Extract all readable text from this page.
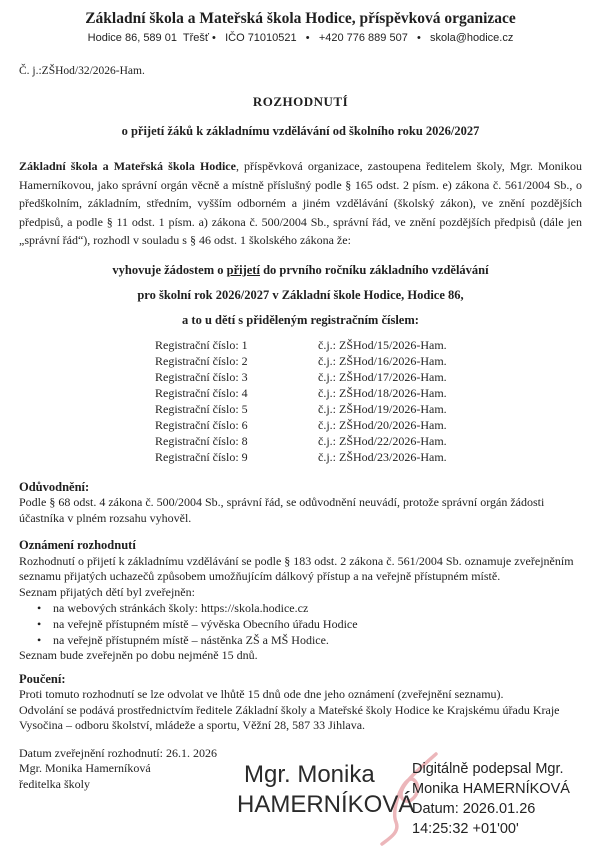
Základní škola a Mateřská škola Hodice, příspěvková organizace

Hodice 86, 589 01  Třešť •   IČO 71010521   •   +420 776 889 507   •   skola@hodice.cz

Č. j.:ZŠHod/32/2026-Ham.

ROZHODNUTÍ

o přijetí žáků k základnímu vzdělávání od školního roku 2026/2027

Základní škola a Mateřská škola Hodice, příspěvková organizace, zastoupena ředitelem školy, Mgr. Monikou Hamerníkovou, jako správní orgán věcně a místně příslušný podle § 165 odst. 2 písm. e) zákona č. 561/2004 Sb., o předškolním, základním, středním, vyšším odborném a jiném vzdělávání (školský zákon), ve znění pozdějších předpisů, a podle § 11 odst. 1 písm. a) zákona č. 500/2004 Sb., správní řád, ve znění pozdějších předpisů (dále jen „správní řád“), rozhodl v souladu s § 46 odst. 1 školského zákona že:

vyhovuje žádostem o přijetí do prvního ročníku základního vzdělávání

pro školní rok 2026/2027 v Základní škole Hodice, Hodice 86,

a to u dětí s přiděleným registračním číslem:

Registrační číslo: 1	č.j.: ZŠHod/15/2026-Ham.
Registrační číslo: 2	č.j.: ZŠHod/16/2026-Ham.
Registrační číslo: 3	č.j.: ZŠHod/17/2026-Ham.
Registrační číslo: 4	č.j.: ZŠHod/18/2026-Ham.
Registrační číslo: 5	č.j.: ZŠHod/19/2026-Ham.
Registrační číslo: 6	č.j.: ZŠHod/20/2026-Ham.
Registrační číslo: 8	č.j.: ZŠHod/22/2026-Ham.
Registrační číslo: 9	č.j.: ZŠHod/23/2026-Ham.

Odůvodnění:

Podle § 68 odst. 4 zákona č. 500/2004 Sb., správní řád, se odůvodnění neuvádí, protože správní orgán žádosti účastníka v plném rozsahu vyhověl.

Oznámení rozhodnutí

Rozhodnutí o přijetí k základnímu vzdělávání se podle § 183 odst. 2 zákona č. 561/2004 Sb. oznamuje zveřejněním seznamu přijatých uchazečů způsobem umožňujícím dálkový přístup a na veřejně přístupném místě.

Seznam přijatých dětí byl zveřejněn:

• na webových stránkách školy: https://skola.hodice.cz
• na veřejně přístupném místě – vývěska Obecního úřadu Hodice
• na veřejně přístupném místě – nástěnka ZŠ a MŠ Hodice.

Seznam bude zveřejněn po dobu nejméně 15 dnů.

Poučení:

Proti tomuto rozhodnutí se lze odvolat ve lhůtě 15 dnů ode dne jeho oznámení (zveřejnění seznamu).

Odvolání se podává prostřednictvím ředitele Základní školy a Mateřské školy Hodice ke Krajskému úřadu Kraje Vysočina – odboru školství, mládeže a sportu, Věžní 28, 587 33 Jihlava.

Datum zveřejnění rozhodnutí: 26.1. 2026

Mgr. Monika Hamerníková

ředitelka školy	Mgr. Monika
HAMERNÍKOVÁ
Digitálně podepsal Mgr.
Monika HAMERNÍKOVÁ
Datum: 2026.01.26
14:25:32 +01'00'
